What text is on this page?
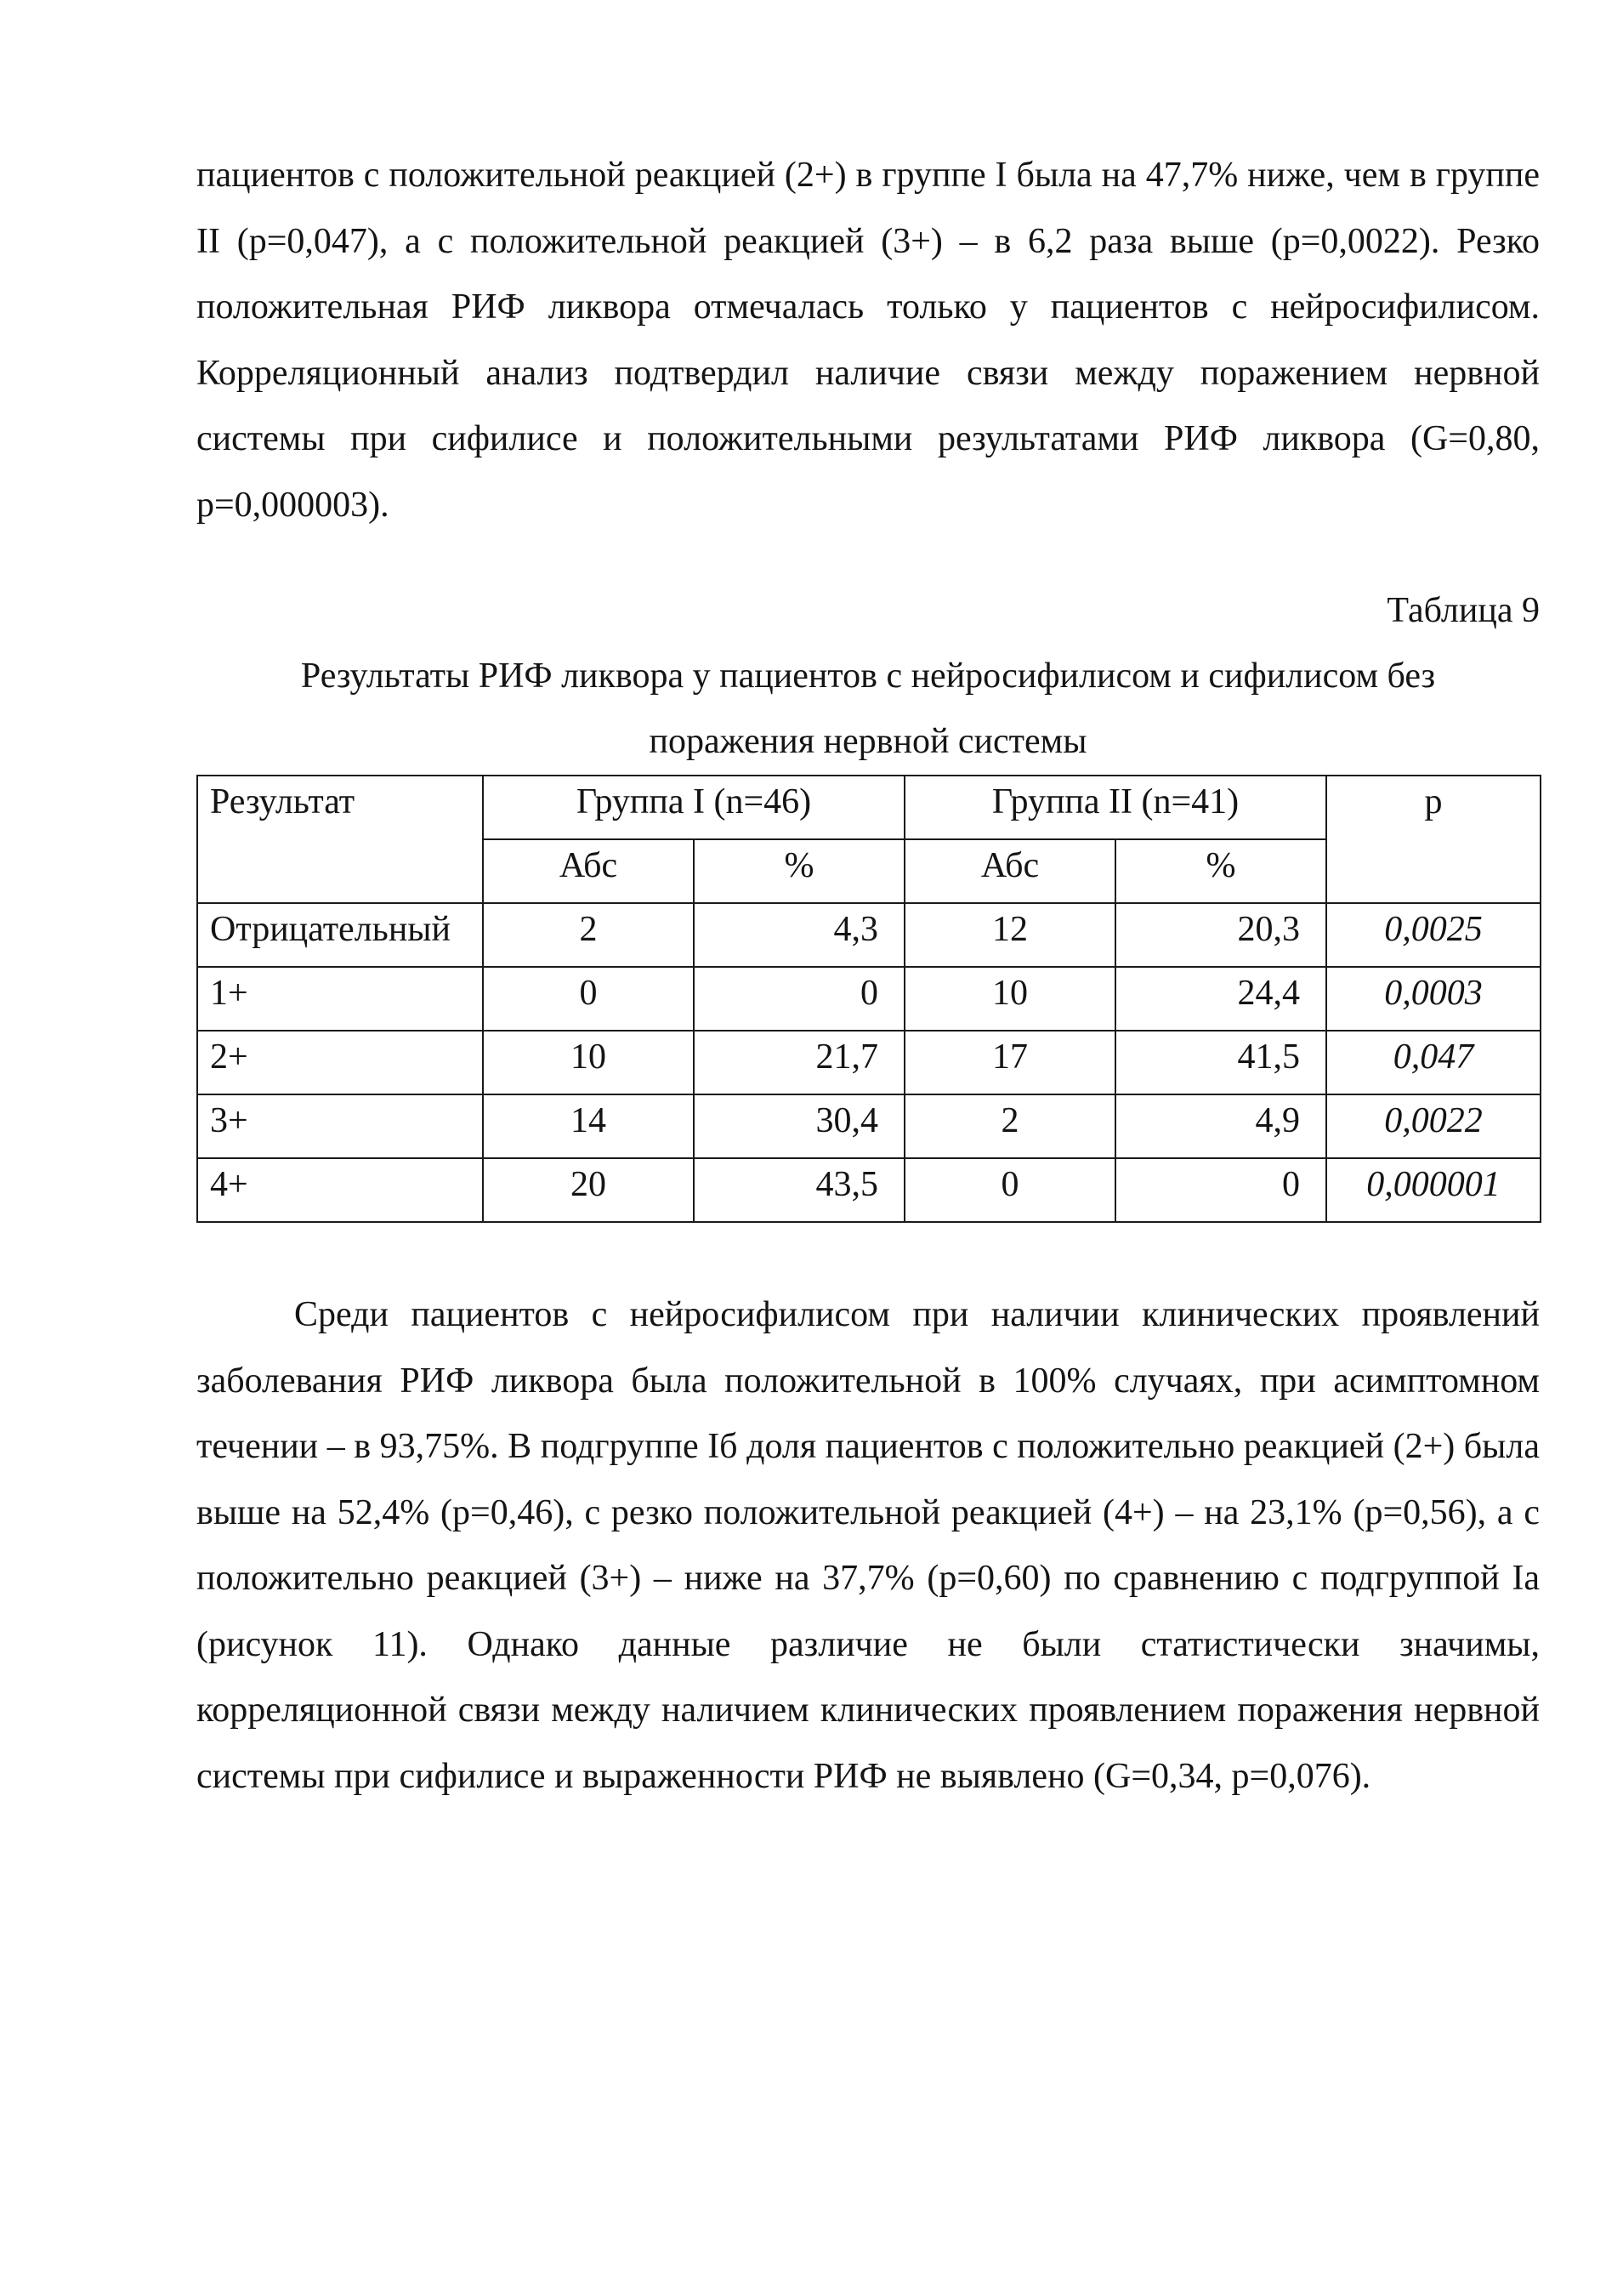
пациентов с положительной реакцией (2+) в группе I была на 47,7% ниже, чем в группе II (p=0,047), а с положительной реакцией (3+) – в 6,2 раза выше (p=0,0022). Резко положительная РИФ ликвора отмечалась только у пациентов с нейросифилисом. Корреляционный анализ подтвердил наличие связи между поражением нервной системы при сифилисе и положительными результатами РИФ ликвора (G=0,80, p=0,000003).

Таблица 9

Результаты РИФ ликвора у пациентов с нейросифилисом и сифилисом без поражения нервной системы

Результат	Группа I (n=46)		Группа II (n=41)		p
	Абс	%	Абс	%	
Отрицательный	2	4,3	12	20,3	0,0025
1+	0	0	10	24,4	0,0003
2+	10	21,7	17	41,5	0,047
3+	14	30,4	2	4,9	0,0022
4+	20	43,5	0	0	0,000001

Среди пациентов с нейросифилисом при наличии клинических проявлений заболевания РИФ ликвора была положительной в 100% случаях, при асимптомном течении – в 93,75%. В подгруппе Iб доля пациентов с положительно реакцией (2+) была выше на 52,4% (p=0,46), с резко положительной реакцией (4+) – на 23,1% (p=0,56), а с положительно реакцией (3+) – ниже на 37,7% (p=0,60) по сравнению с подгруппой Ia (рисунок 11). Однако данные различие не были статистически значимы, корреляционной связи между наличием клинических проявлением поражения нервной системы при сифилисе и выраженности РИФ не выявлено (G=0,34, p=0,076).
